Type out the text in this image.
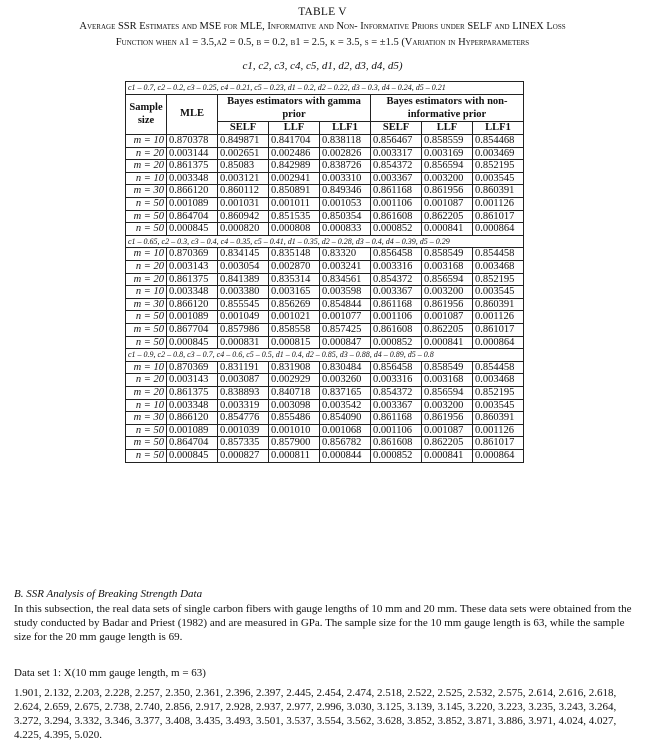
TABLE V
Average SSR Estimates and MSE for MLE, Informative and Non- Informative Priors under SELF and LINEX Loss
Function when α1 = 3.5,α2 = 0.5, β = 0.2, β1 = 2.5, k = 3.5, s = ±1.5 (Variation in Hyperparameters
c1, c2, c3, c4, c5, d1, d2, d3, d4, d5)
c1 – 0.7, c2 – 0.2, c3 – 0.25, c4 – 0.21, c5 – 0.23, d1 – 0.2, d2 – 0.22, d3 – 0.3, d4 – 0.24, d5 – 0.21							
Sample size	MLE	Bayes estimators with gamma prior			Bayes estimators with non-informative prior		
		SELF	LLF	LLF1	SELF	LLF	LLF1
m = 10	0.870378	0.849871	0.841704	0.838118	0.856467	0.858559	0.854468
n = 20	0.003144	0.002651	0.002486	0.002826	0.003317	0.003169	0.003469
m = 20	0.861375	0.85083	0.842989	0.838726	0.854372	0.856594	0.852195
n = 10	0.003348	0.003121	0.002941	0.003310	0.003367	0.003200	0.003545
m = 30	0.866120	0.860112	0.850891	0.849346	0.861168	0.861956	0.860391
n = 50	0.001089	0.001031	0.001011	0.001053	0.001106	0.001087	0.001126
m = 50	0.864704	0.860942	0.851535	0.850354	0.861608	0.862205	0.861017
n = 50	0.000845	0.000820	0.000808	0.000833	0.000852	0.000841	0.000864
c1 – 0.65, c2 – 0.3, c3 – 0.4, c4 – 0.35, c5 – 0.41, d1 – 0.35, d2 – 0.28, d3 – 0.4, d4 – 0.39, d5 – 0.29							
m = 10	0.870369	0.834145	0.835148	0.83320	0.856458	0.858549	0.854458
n = 20	0.003143	0.003054	0.002870	0.003241	0.003316	0.003168	0.003468
m = 20	0.861375	0.841389	0.835314	0.834561	0.854372	0.856594	0.852195
n = 10	0.003348	0.003380	0.003165	0.003598	0.003367	0.003200	0.003545
m = 30	0.866120	0.855545	0.856269	0.854844	0.861168	0.861956	0.860391
n = 50	0.001089	0.001049	0.001021	0.001077	0.001106	0.001087	0.001126
m = 50	0.867704	0.857986	0.858558	0.857425	0.861608	0.862205	0.861017
n = 50	0.000845	0.000831	0.000815	0.000847	0.000852	0.000841	0.000864
c1 – 0.9, c2 – 0.8, c3 – 0.7, c4 – 0.6, c5 – 0.5, d1 – 0.4, d2 – 0.85, d3 – 0.88, d4 – 0.89, d5 – 0.8							
m = 10	0.870369	0.831191	0.831908	0.830484	0.856458	0.858549	0.854458
n = 20	0.003143	0.003087	0.002929	0.003260	0.003316	0.003168	0.003468
m = 20	0.861375	0.838893	0.840718	0.837165	0.854372	0.856594	0.852195
n = 10	0.003348	0.003319	0.003098	0.003542	0.003367	0.003200	0.003545
m = 30	0.866120	0.854776	0.855486	0.854090	0.861168	0.861956	0.860391
n = 50	0.001089	0.001039	0.001010	0.001068	0.001106	0.001087	0.001126
m = 50	0.864704	0.857335	0.857900	0.856782	0.861608	0.862205	0.861017
n = 50	0.000845	0.000827	0.000811	0.000844	0.000852	0.000841	0.000864
B. SSR Analysis of Breaking Strength Data
In this subsection, the real data sets of single carbon fibers with gauge lengths of 10 mm and 20 mm. These data sets were obtained from the study conducted by Badar and Priest (1982) and are measured in GPa. The sample size for the 10 mm gauge length is 63, while the sample size for the 20 mm gauge length is 69.
Data set 1: X(10 mm gauge length, m = 63)
1.901, 2.132, 2.203, 2.228, 2.257, 2.350, 2.361, 2.396, 2.397, 2.445, 2.454, 2.474, 2.518, 2.522, 2.525, 2.532, 2.575, 2.614, 2.616, 2.618, 2.624, 2.659, 2.675, 2.738, 2.740, 2.856, 2.917, 2.928, 2.937, 2.977, 2.996, 3.030, 3.125, 3.139, 3.145, 3.220, 3.223, 3.235, 3.243, 3.264, 3.272, 3.294, 3.332, 3.346, 3.377, 3.408, 3.435, 3.493, 3.501, 3.537, 3.554, 3.562, 3.628, 3.852, 3.852, 3.871, 3.886, 3.971, 4.024, 4.027, 4.225, 4.395, 5.020.
